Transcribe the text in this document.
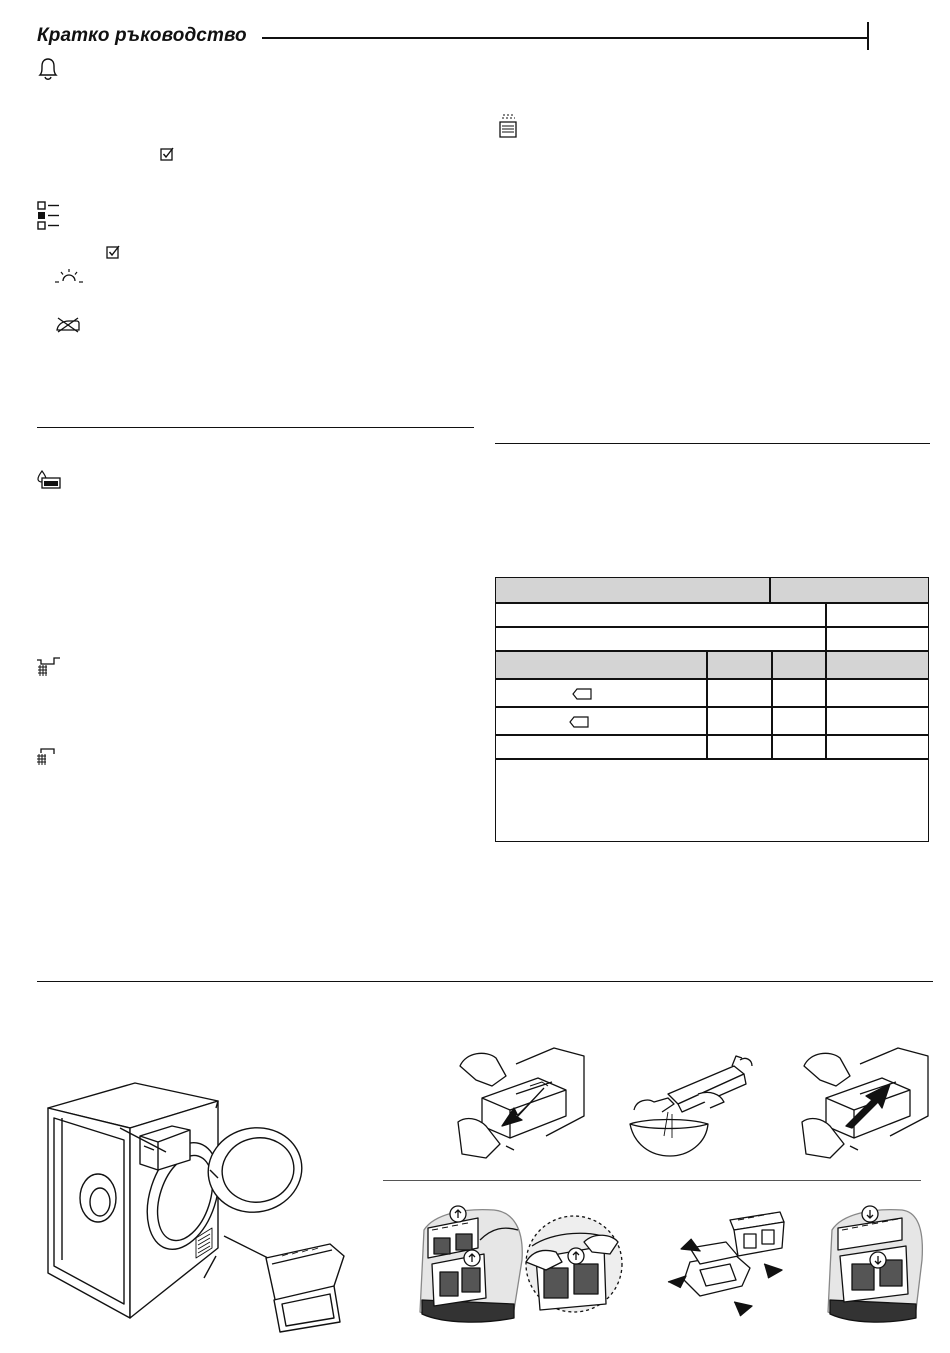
Кратко ръководство
